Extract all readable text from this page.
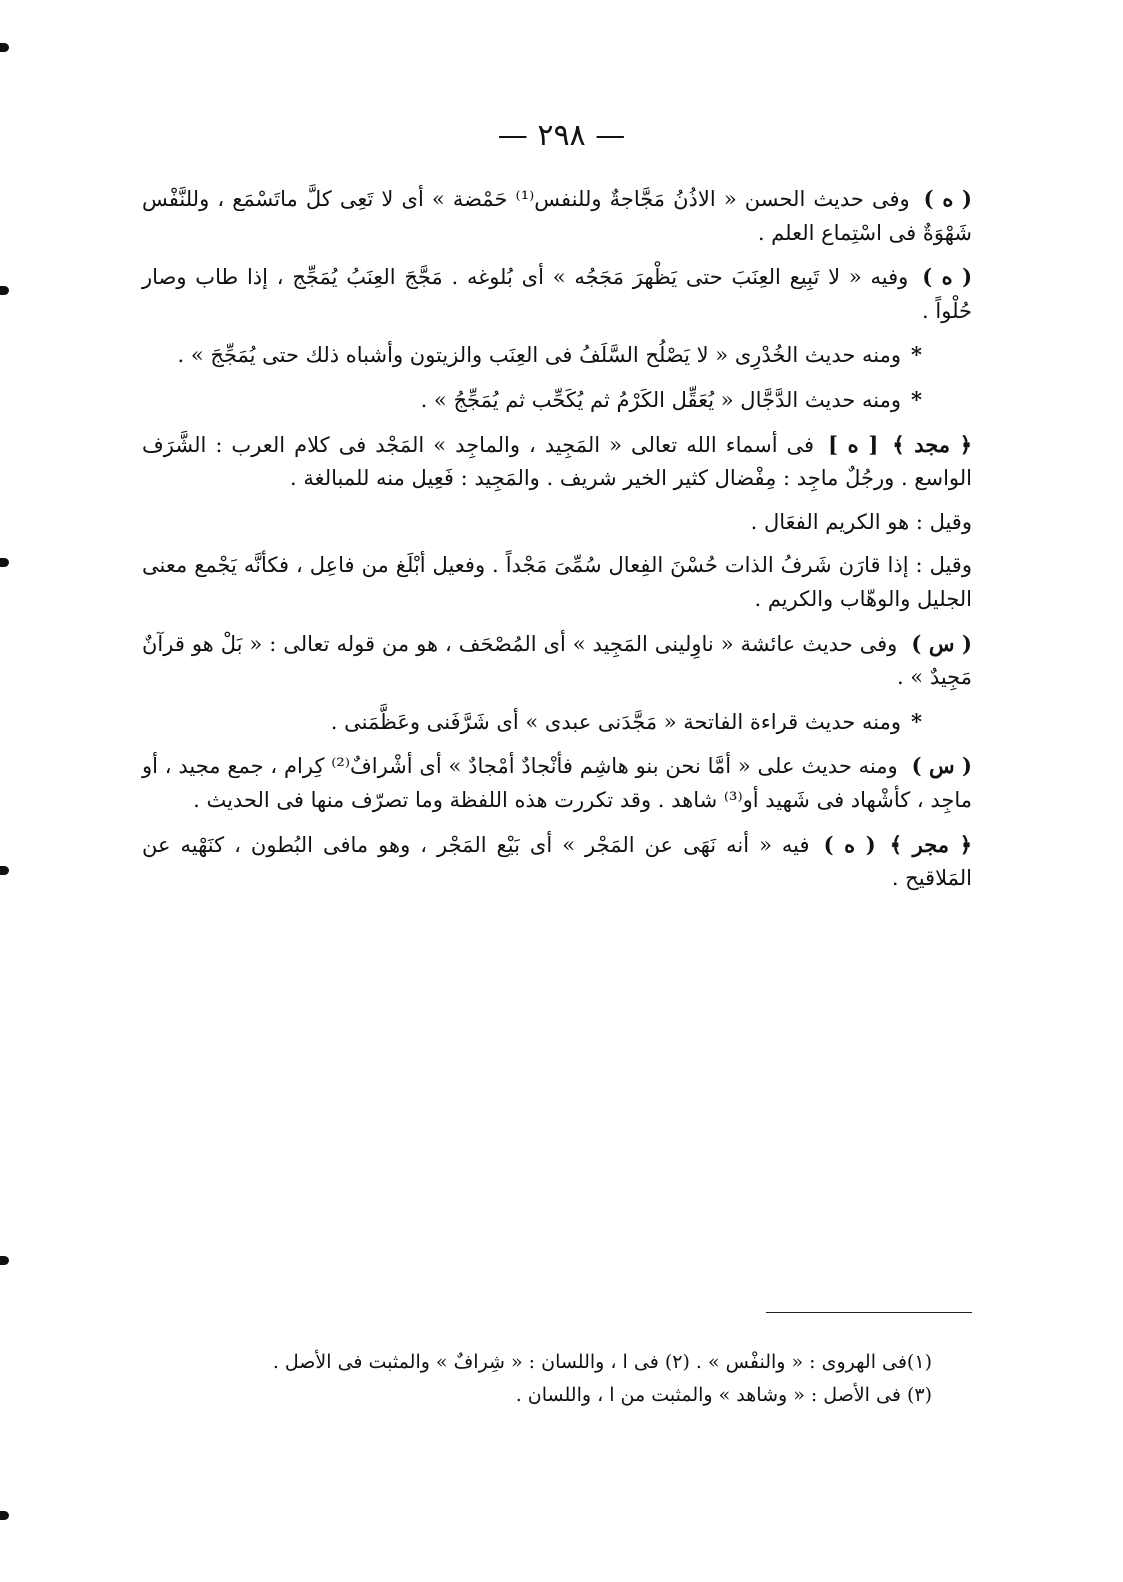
— ٢٩٨ —

( ه )وفى حديث الحسن « الاذُنُ مَجَّاجةٌ وللنفس⁽¹⁾ حَمْضة » أى لا تَعِى كلَّ ماتَسْمَع ، وللنَّفْس شَهْوَةٌ فى اسْتِماع العلم .

( ه )وفيه « لا تَبِيع العِنَبَ حتى يَظْهرَ مَجَجُه » أى بُلوغه . مَجَّجَ العِنَبُ يُمَجِّج ، إذا طاب وصار حُلْواً .

*ومنه حديث الخُدْرِى « لا يَصْلُح السَّلَفُ فى العِنَب والزيتون وأشباه ذلك حتى يُمَجِّجَ » .

*ومنه حديث الدَّجَّال « يُعَقِّل الكَرْمُ ثم يُكَحِّب ثم يُمَجِّجُ » .

﴿ مجد ﴾[ ه ]فى أسماء الله تعالى « المَجِيد ، والماجِد » المَجْد فى كلام العرب : الشَّرَف الواسع . ورجُلٌ ماجِد : مِفْضال كثير الخير شريف . والمَجِيد : فَعِيل منه للمبالغة .

وقيل : هو الكريم الفعَال .

وقيل : إذا قارَن شَرفُ الذات حُسْنَ الفِعال سُمِّىَ مَجْداً . وفعيل أبْلَغ من فاعِل ، فكأنَّه يَجْمع معنى الجليل والوهّاب والكريم .

( س )وفى حديث عائشة « ناوِلينى المَجِيد » أى المُصْحَف ، هو من قوله تعالى : « بَلْ هو قرآنٌ مَجِيدٌ » .

*ومنه حديث قراءة الفاتحة « مَجَّدَنى عبدى » أى شَرَّفَنى وعَظَّمَنى .

( س )ومنه حديث على « أمَّا نحن بنو هاشِم فأنْجادٌ أمْجادٌ » أى أشْرافٌ⁽²⁾ كِرام ، جمع مجيد ، أو ماجِد ، كأشْهاد فى شَهيد أو⁽³⁾ شاهد . وقد تكررت هذه اللفظة وما تصرّف منها فى الحديث .

﴿ مجر ﴾( ه )فيه « أنه نَهَى عن المَجْر » أى بَيْع المَجْر ، وهو مافى البُطون ، كنَهْيه عن المَلاقيح .

(١)فى الهروى : « والنفْس » . (٢) فى ا ، واللسان : « شِرافٌ » والمثبت فى الأصل .

(٣) فى الأصل : « وشاهد » والمثبت من ا ، واللسان .
